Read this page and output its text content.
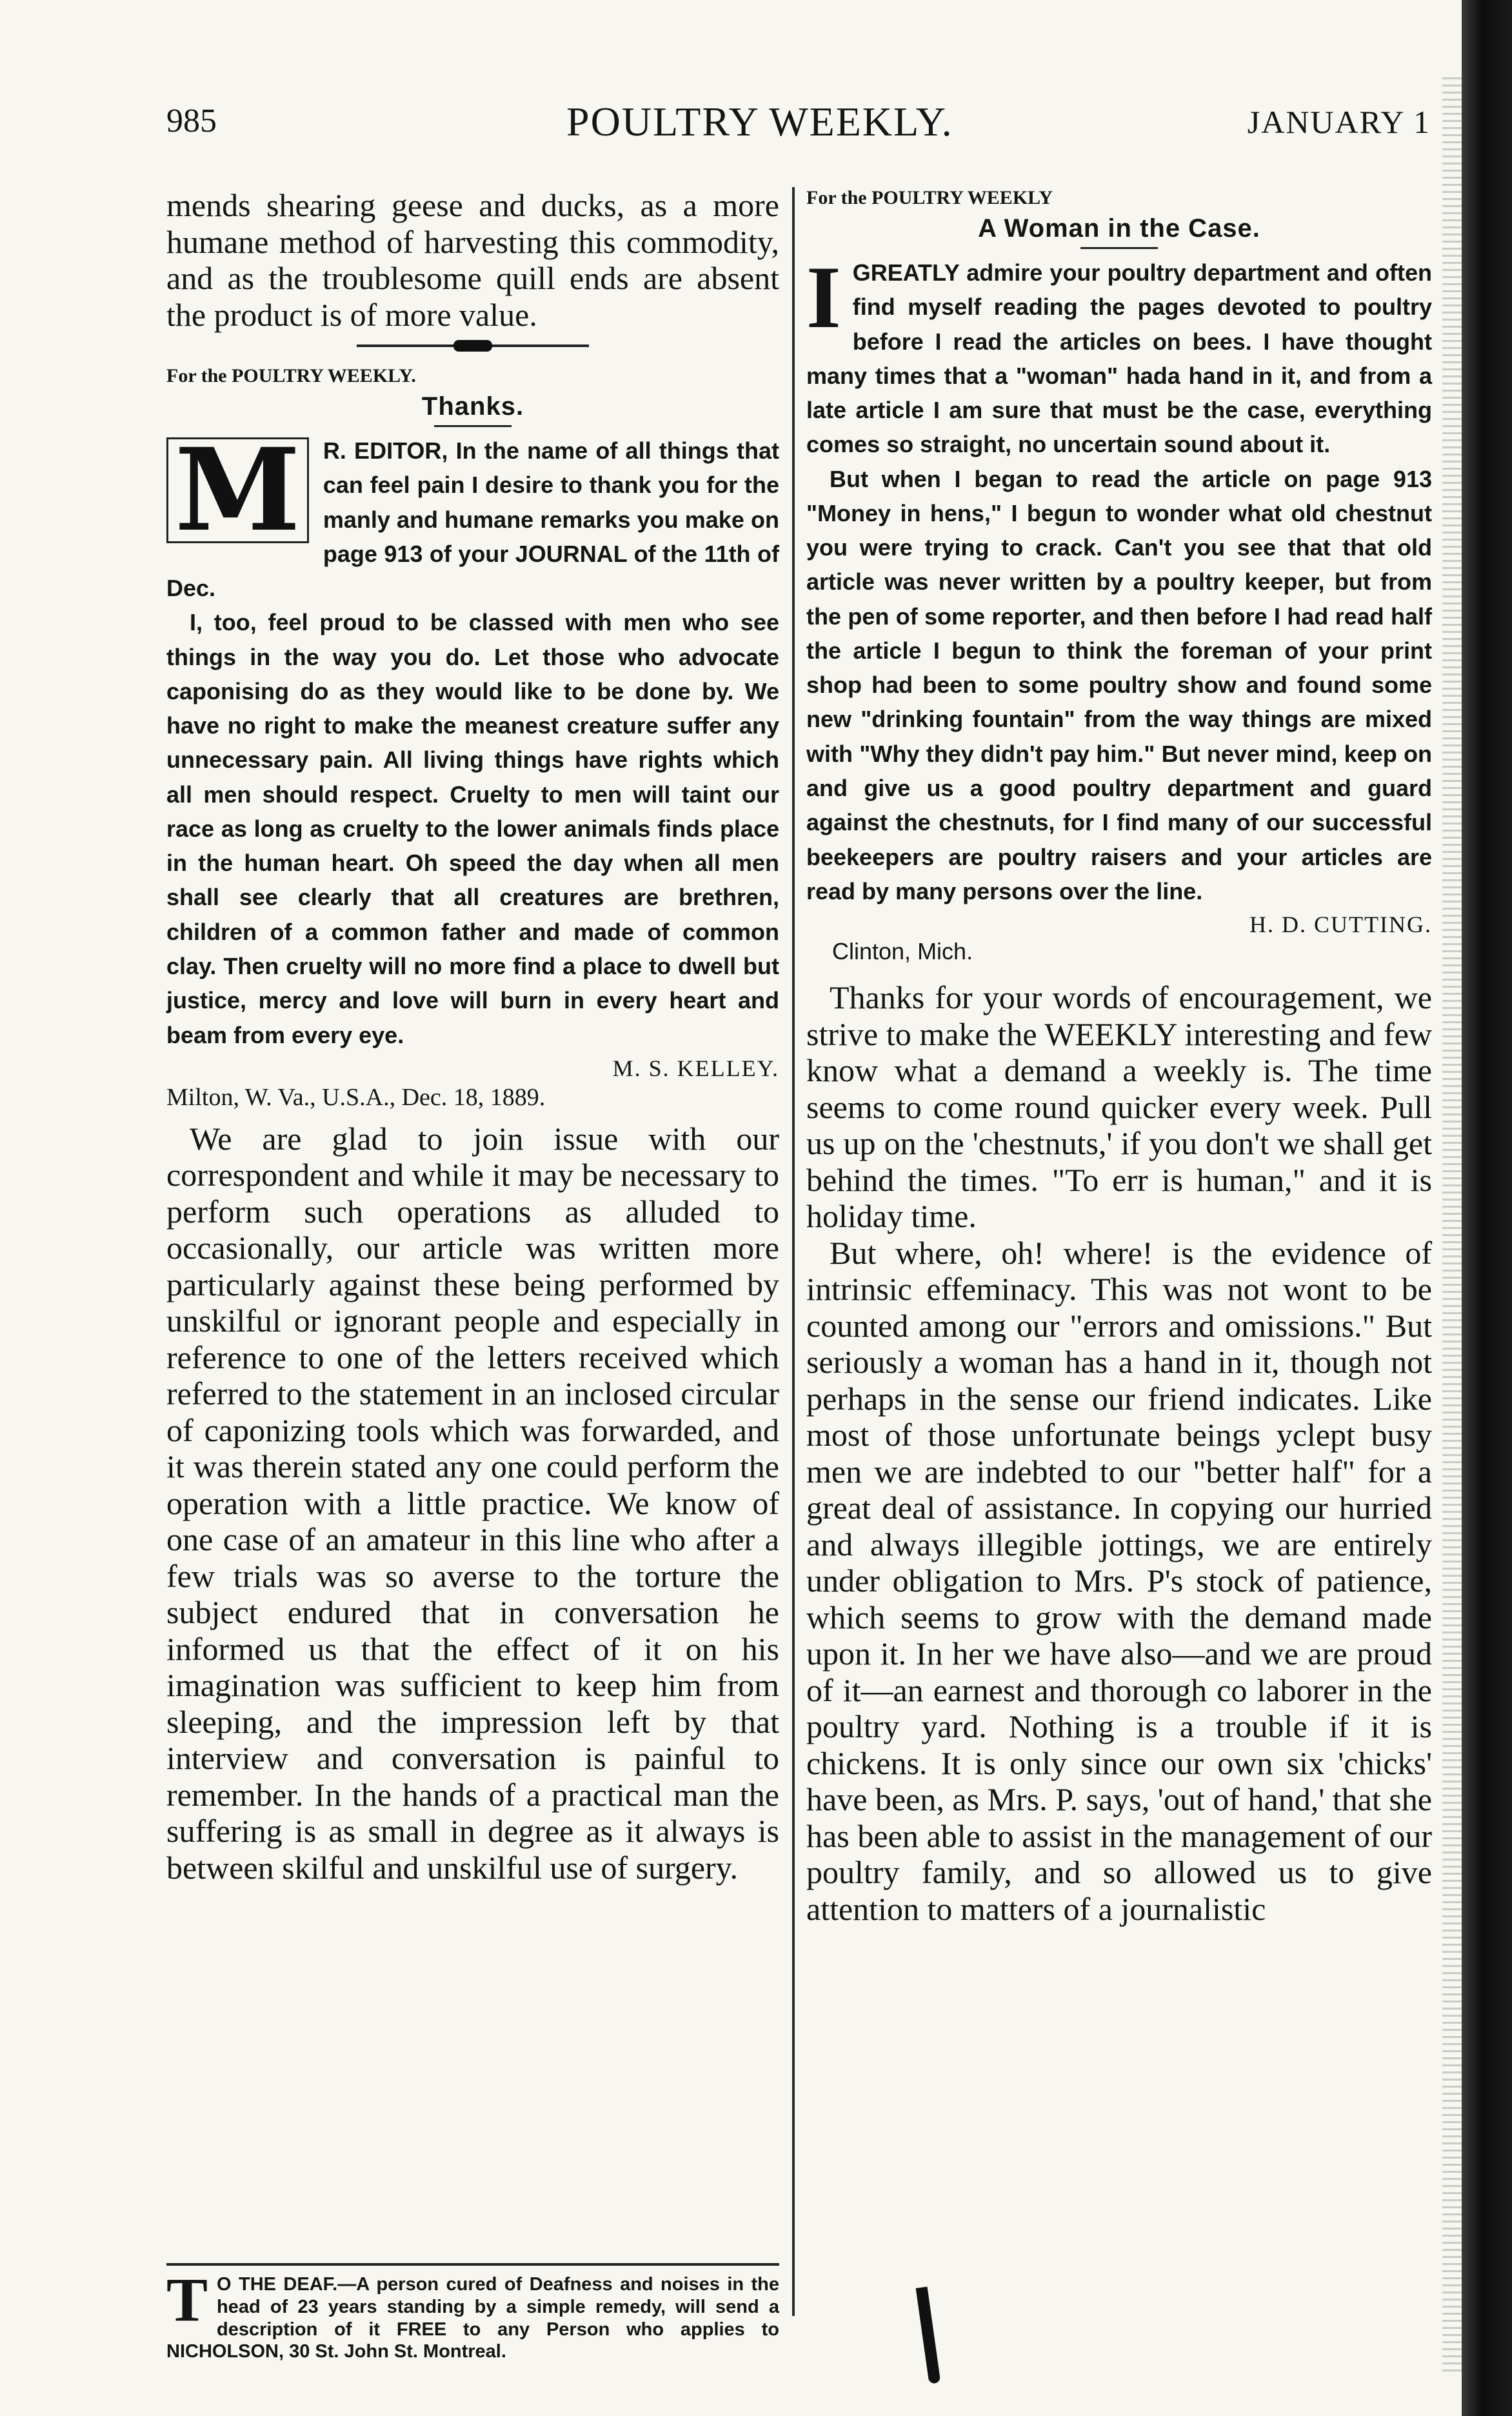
985	POULTRY WEEKLY.	JANUARY 1

mends shearing geese and ducks, as a more humane method of harvesting this commodity, and as the troublesome quill ends are absent the product is of more value.

For the POULTRY WEEKLY.

Thanks.

M R. EDITOR, In the name of all things that can feel pain I desire to thank you for the manly and humane remarks you make on page 913 of your JOURNAL of the 11th of Dec.

I, too, feel proud to be classed with men who see things in the way you do. Let those who advocate caponising do as they would like to be done by. We have no right to make the meanest creature suffer any unnecessary pain. All living things have rights which all men should respect. Cruelty to men will taint our race as long as cruelty to the lower animals finds place in the human heart. Oh speed the day when all men shall see clearly that all creatures are brethren, children of a common father and made of common clay. Then cruelty will no more find a place to dwell but justice, mercy and love will burn in every heart and beam from every eye.

M. S. KELLEY.

Milton, W. Va., U.S.A., Dec. 18, 1889.

We are glad to join issue with our correspondent and while it may be necessary to perform such operations as alluded to occasionally, our article was written more particularly against these being performed by unskilful or ignorant people and especially in reference to one of the letters received which referred to the statement in an inclosed circular of caponizing tools which was forwarded, and it was therein stated any one could perform the operation with a little practice. We know of one case of an amateur in this line who after a few trials was so averse to the torture the subject endured that in conversation he informed us that the effect of it on his imagination was sufficient to keep him from sleeping, and the impression left by that interview and conversation is painful to remember. In the hands of a practical man the suffering is as small in degree as it always is between skilful and unskilful use of surgery.

T O THE DEAF.—A person cured of Deafness and noises in the head of 23 years standing by a simple remedy, will send a description of it FREE to any Person who applies to NICHOLSON, 30 St. John St. Montreal.

For the POULTRY WEEKLY

A Woman in the Case.

IGREATLY admire your poultry department and often find myself reading the pages devoted to poultry before I read the articles on bees. I have thought many times that a "woman" hada hand in it, and from a late article I am sure that must be the case, everything comes so straight, no uncertain sound about it.

But when I began to read the article on page 913 "Money in hens," I begun to wonder what old chestnut you were trying to crack. Can't you see that that old article was never written by a poultry keeper, but from the pen of some reporter, and then before I had read half the article I begun to think the foreman of your print shop had been to some poultry show and found some new "drinking fountain" from the way things are mixed with "Why they didn't pay him." But never mind, keep on and give us a good poultry department and guard against the chestnuts, for I find many of our successful beekeepers are poultry raisers and your articles are read by many persons over the line.

H. D. CUTTING.

Clinton, Mich.

Thanks for your words of encouragement, we strive to make the WEEKLY interesting and few know what a demand a weekly is. The time seems to come round quicker every week. Pull us up on the 'chestnuts,' if you don't we shall get behind the times. "To err is human," and it is holiday time.

But where, oh! where! is the evidence of intrinsic effeminacy. This was not wont to be counted among our "errors and omissions." But seriously a woman has a hand in it, though not perhaps in the sense our friend indicates. Like most of those unfortunate beings yclept busy men we are indebted to our "better half" for a great deal of assistance. In copying our hurried and always illegible jottings, we are entirely under obligation to Mrs. P's stock of patience, which seems to grow with the demand made upon it. In her we have also—and we are proud of it—an earnest and thorough co laborer in the poultry yard. Nothing is a trouble if it is chickens. It is only since our own six 'chicks' have been, as Mrs. P. says, 'out of hand,' that she has been able to assist in the management of our poultry family, and so allowed us to give attention to matters of a journalistic
